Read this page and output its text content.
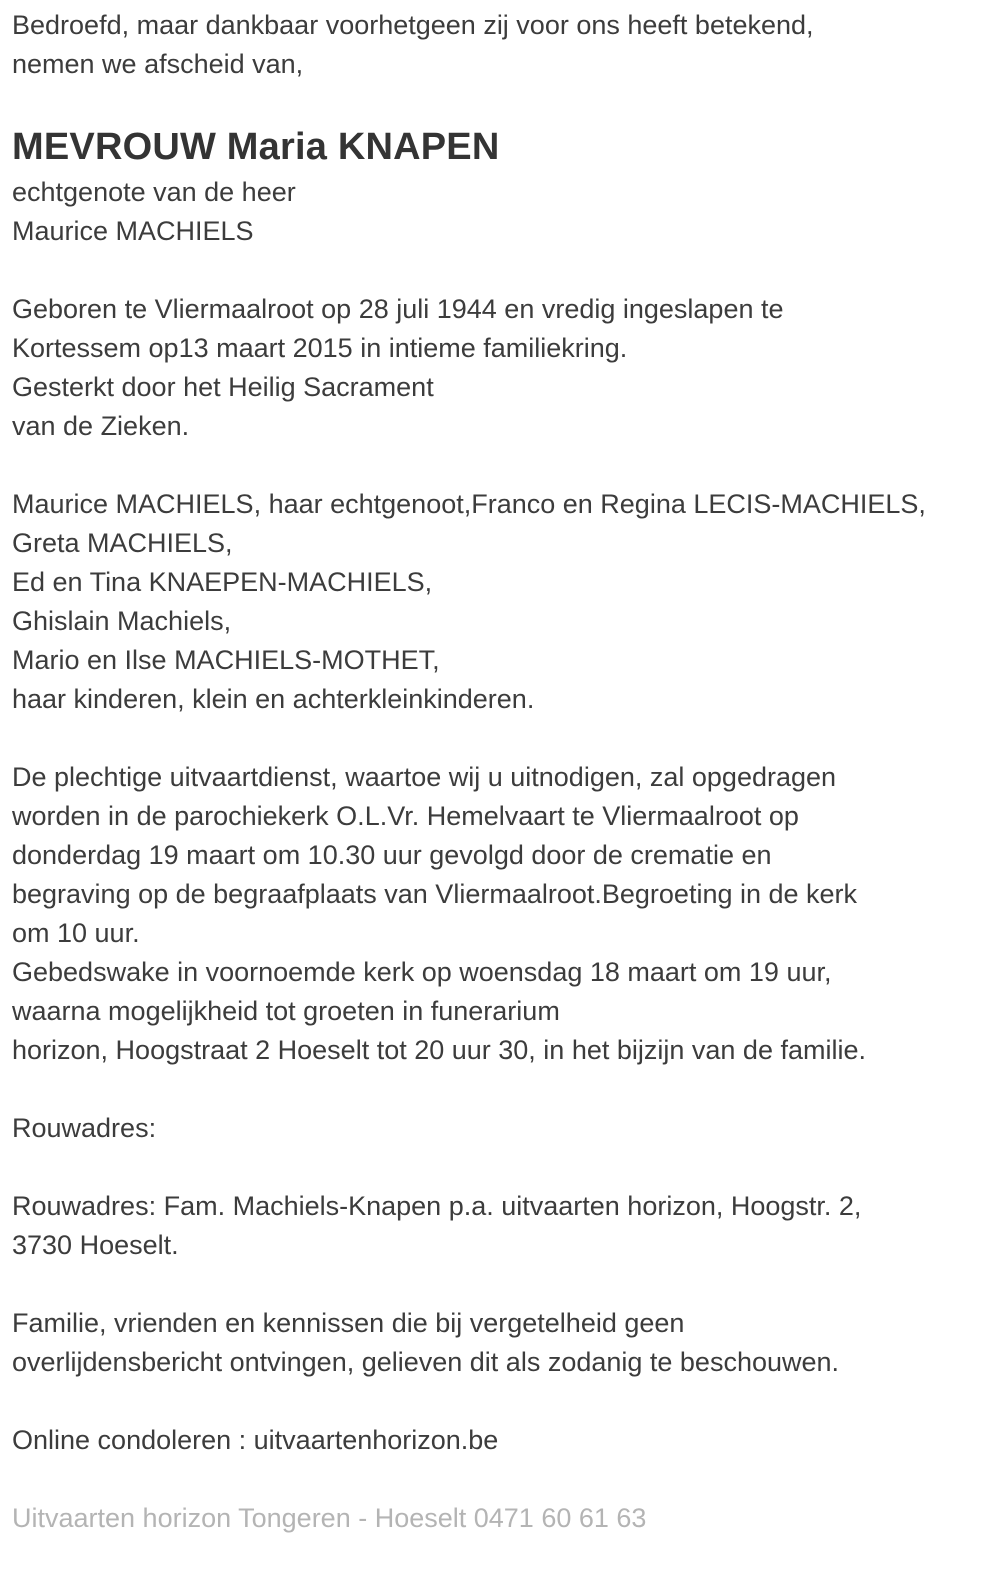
Bedroefd, maar dankbaar voorhetgeen zij voor ons heeft betekend,
nemen we afscheid van,

MEVROUW Maria KNAPEN

echtgenote van de heer
Maurice MACHIELS

Geboren te Vliermaalroot op 28 juli 1944 en vredig ingeslapen te
Kortessem op13 maart 2015 in intieme familiekring.
Gesterkt door het Heilig Sacrament
van de Zieken.

Maurice MACHIELS, haar echtgenoot,Franco en Regina LECIS-MACHIELS,
Greta MACHIELS,
Ed en Tina KNAEPEN-MACHIELS,
Ghislain Machiels,
Mario en Ilse MACHIELS-MOTHET,
haar kinderen, klein en achterkleinkinderen.

De plechtige uitvaartdienst, waartoe wij u uitnodigen, zal opgedragen
worden in de parochiekerk O.L.Vr. Hemelvaart te Vliermaalroot op
donderdag 19 maart om 10.30 uur gevolgd door de crematie en
begraving op de begraafplaats van Vliermaalroot.Begroeting in de kerk
om 10 uur.
Gebedswake in voornoemde kerk op woensdag 18 maart om 19 uur,
waarna mogelijkheid tot groeten in funerarium
horizon, Hoogstraat 2 Hoeselt tot 20 uur 30, in het bijzijn van de familie.

Rouwadres:

Rouwadres: Fam. Machiels-Knapen p.a. uitvaarten horizon, Hoogstr. 2,
3730 Hoeselt.

Familie, vrienden en kennissen die bij vergetelheid geen
overlijdensbericht ontvingen, gelieven dit als zodanig te beschouwen.

Online condoleren : uitvaartenhorizon.be

Uitvaarten horizon Tongeren - Hoeselt 0471 60 61 63
